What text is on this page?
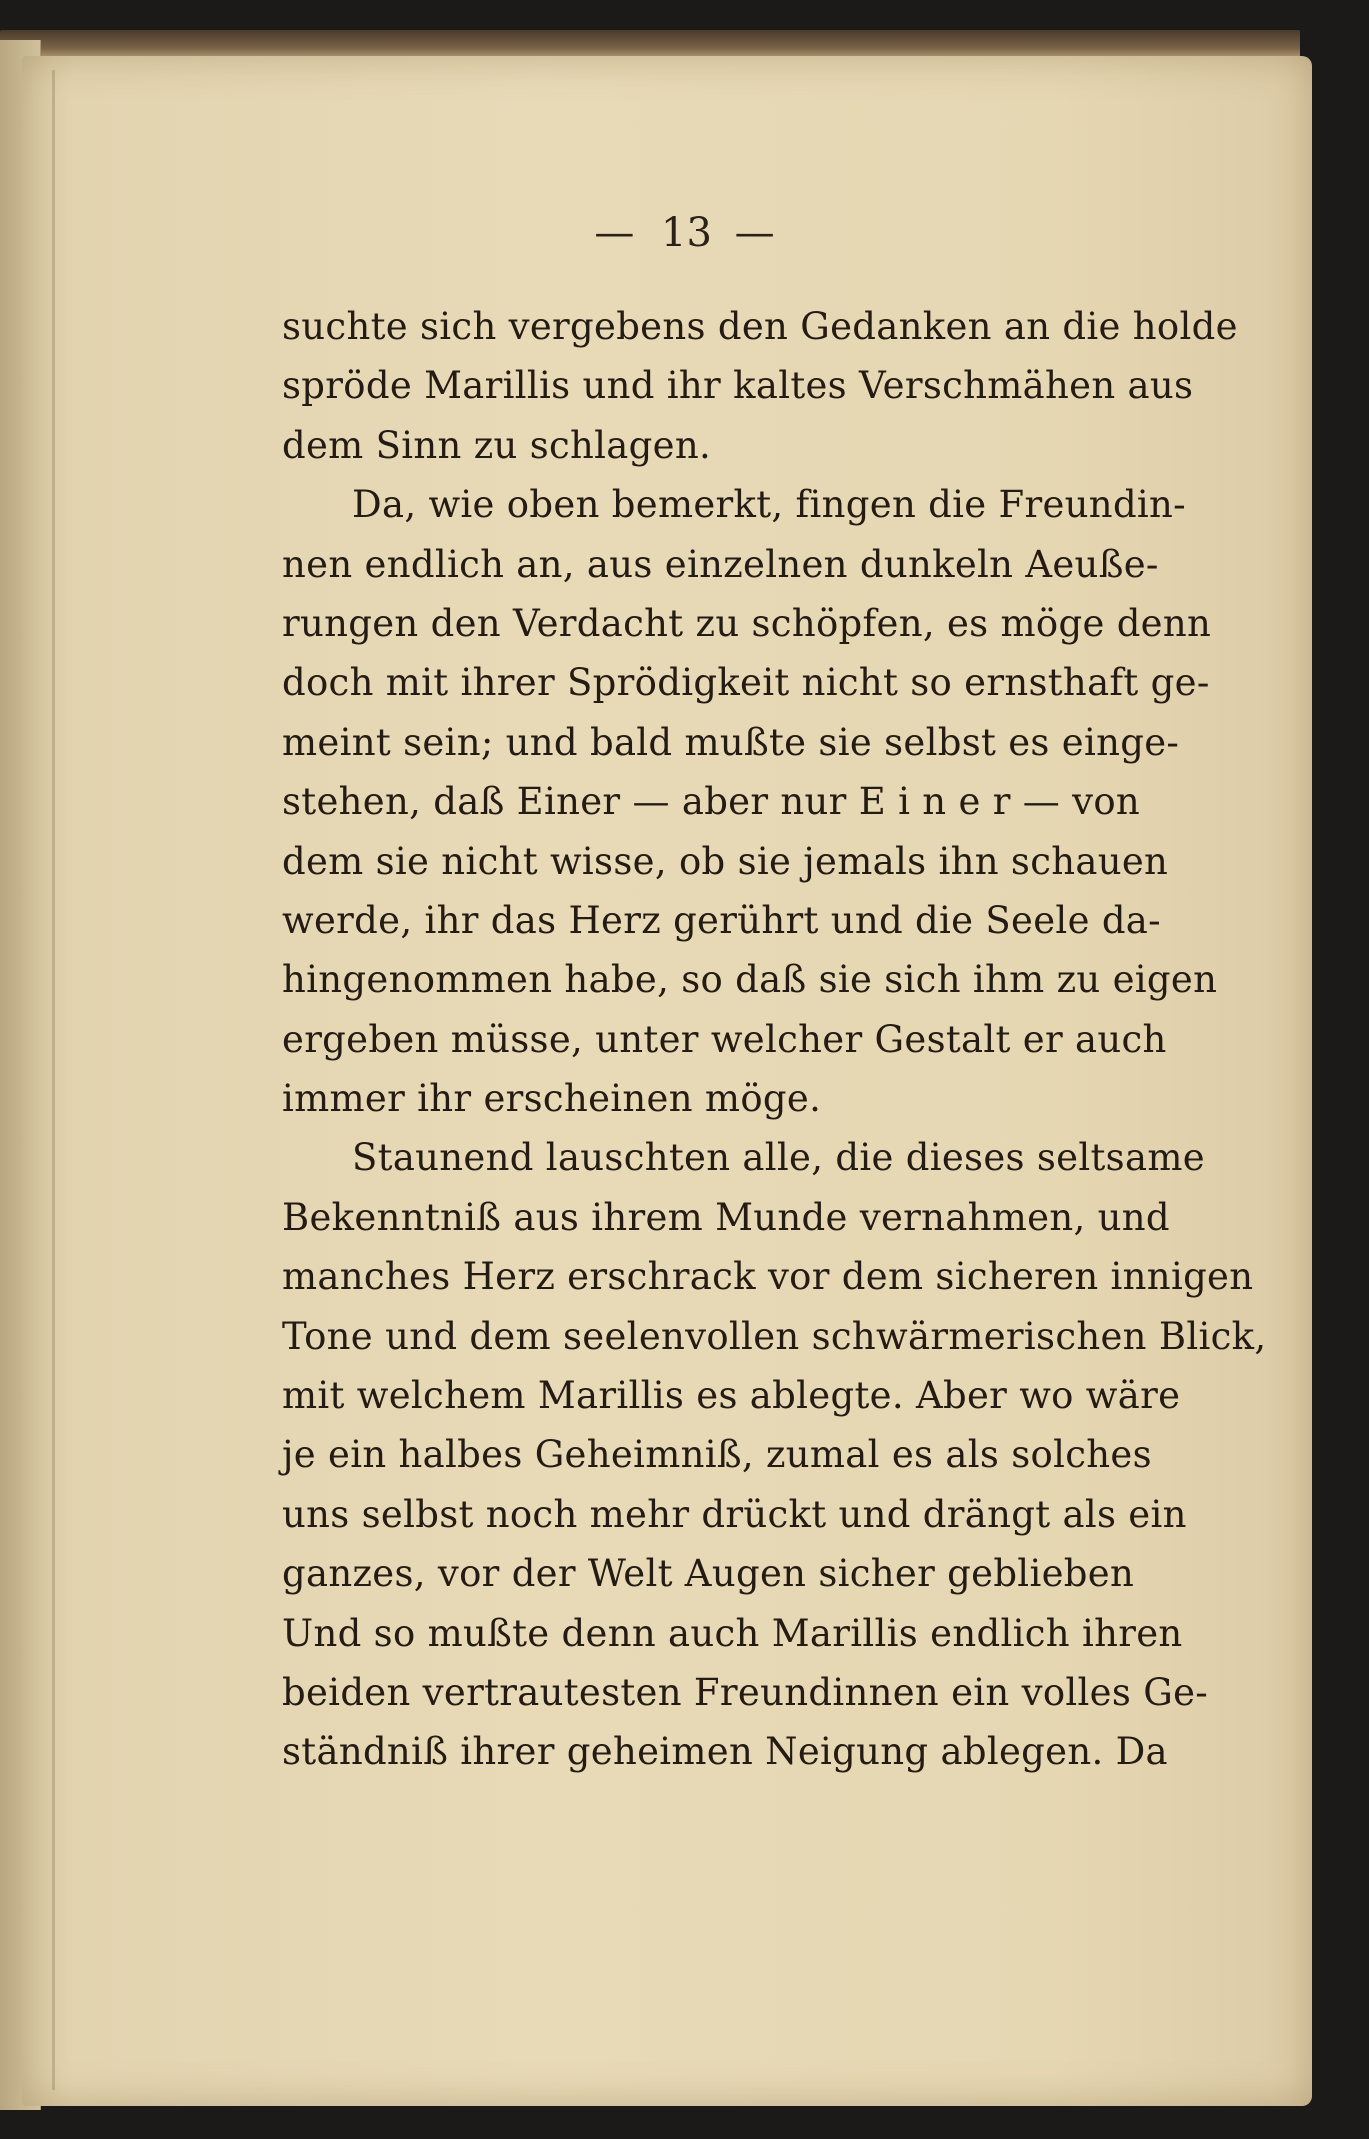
— 13 —
suchte sich vergebens den Gedanken an die holde
spröde Marillis und ihr kaltes Verschmähen aus
dem Sinn zu schlagen.
Da, wie oben bemerkt, fingen die Freundin-
nen endlich an, aus einzelnen dunkeln Aeuße-
rungen den Verdacht zu schöpfen, es möge denn
doch mit ihrer Sprödigkeit nicht so ernsthaft ge-
meint sein; und bald mußte sie selbst es einge-
stehen, daß Einer — aber nur E i n e r — von
dem sie nicht wisse, ob sie jemals ihn schauen
werde, ihr das Herz gerührt und die Seele da-
hingenommen habe, so daß sie sich ihm zu eigen
ergeben müsse, unter welcher Gestalt er auch
immer ihr erscheinen möge.
Staunend lauschten alle, die dieses seltsame
Bekenntniß aus ihrem Munde vernahmen, und
manches Herz erschrack vor dem sicheren innigen
Tone und dem seelenvollen schwärmerischen Blick,
mit welchem Marillis es ablegte. Aber wo wäre
je ein halbes Geheimniß, zumal es als solches
uns selbst noch mehr drückt und drängt als ein
ganzes, vor der Welt Augen sicher geblieben
Und so mußte denn auch Marillis endlich ihren
beiden vertrautesten Freundinnen ein volles Ge-
ständniß ihrer geheimen Neigung ablegen. Da
